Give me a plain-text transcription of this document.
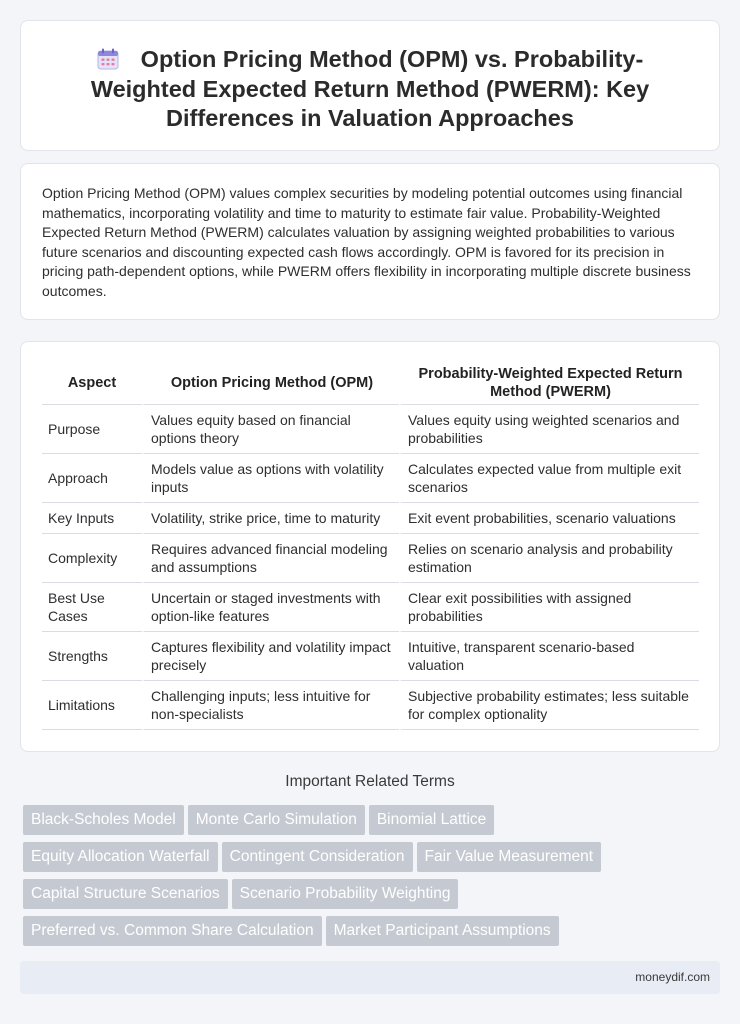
Option Pricing Method (OPM) vs. Probability-Weighted Expected Return Method (PWERM): Key Differences in Valuation Approaches

Option Pricing Method (OPM) values complex securities by modeling potential outcomes using financial mathematics, incorporating volatility and time to maturity to estimate fair value. Probability-Weighted Expected Return Method (PWERM) calculates valuation by assigning weighted probabilities to various future scenarios and discounting expected cash flows accordingly. OPM is favored for its precision in pricing path-dependent options, while PWERM offers flexibility in incorporating multiple discrete business outcomes.

Aspect	Option Pricing Method (OPM)	Probability-Weighted Expected Return Method (PWERM)
Purpose	Values equity based on financial options theory	Values equity using weighted scenarios and probabilities
Approach	Models value as options with volatility inputs	Calculates expected value from multiple exit scenarios
Key Inputs	Volatility, strike price, time to maturity	Exit event probabilities, scenario valuations
Complexity	Requires advanced financial modeling and assumptions	Relies on scenario analysis and probability estimation
Best Use Cases	Uncertain or staged investments with option-like features	Clear exit possibilities with assigned probabilities
Strengths	Captures flexibility and volatility impact precisely	Intuitive, transparent scenario-based valuation
Limitations	Challenging inputs; less intuitive for non-specialists	Subjective probability estimates; less suitable for complex optionality
Important Related Terms
Black-Scholes Model Monte Carlo Simulation Binomial Lattice
Equity Allocation Waterfall Contingent Consideration Fair Value Measurement
Capital Structure Scenarios Scenario Probability Weighting
Preferred vs. Common Share Calculation Market Participant Assumptions
moneydif.com
